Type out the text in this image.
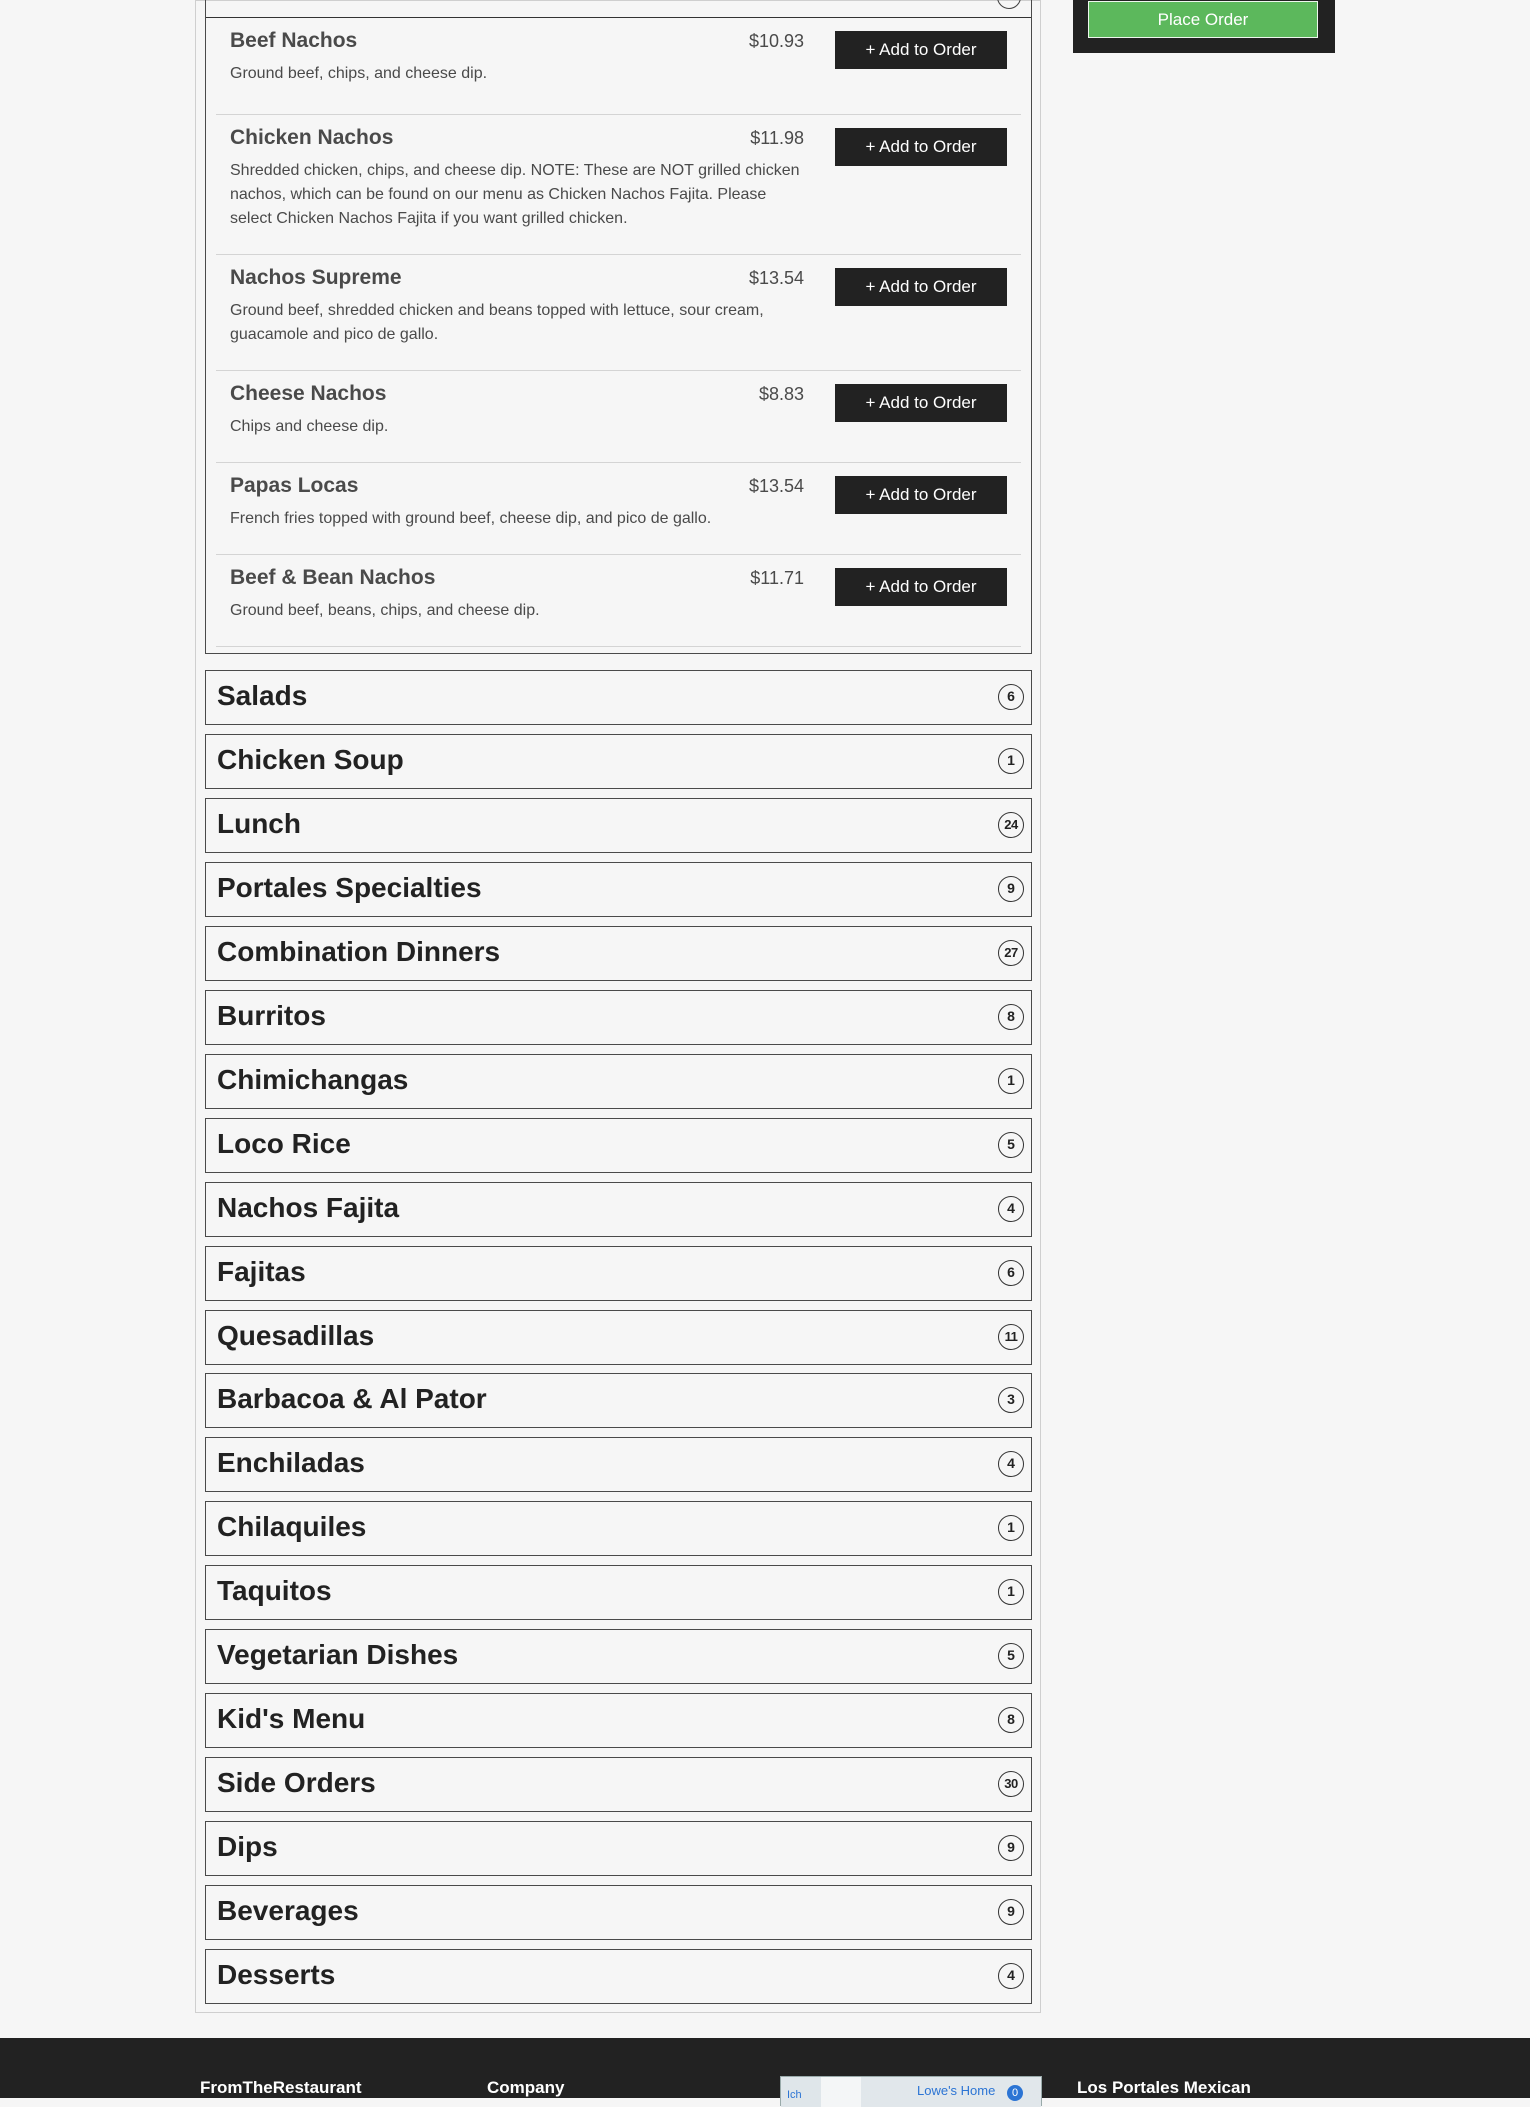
Beef Nachos	$10.93
Ground beef, chips, and cheese dip.
+ Add to Order
Chicken Nachos	$11.98
Shredded chicken, chips, and cheese dip. NOTE: These are NOT grilled chicken nachos, which can be found on our menu as Chicken Nachos Fajita. Please select Chicken Nachos Fajita if you want grilled chicken.
+ Add to Order
Nachos Supreme	$13.54
Ground beef, shredded chicken and beans topped with lettuce, sour cream, guacamole and pico de gallo.
+ Add to Order
Cheese Nachos	$8.83
Chips and cheese dip.
+ Add to Order
Papas Locas	$13.54
French fries topped with ground beef, cheese dip, and pico de gallo.
+ Add to Order
Beef & Bean Nachos	$11.71
Ground beef, beans, chips, and cheese dip.
+ Add to Order
Salads	6
Chicken Soup	1
Lunch	24
Portales Specialties	9
Combination Dinners	27
Burritos	8
Chimichangas	1
Loco Rice	5
Nachos Fajita	4
Fajitas	6
Quesadillas	11
Barbacoa & Al Pator	3
Enchiladas	4
Chilaquiles	1
Taquitos	1
Vegetarian Dishes	5
Kid's Menu	8
Side Orders	30
Dips	9
Beverages	9
Desserts	4
Place Order
FromTheRestaurant	Company	Ich	Lowe's Home	0	Los Portales Mexican
